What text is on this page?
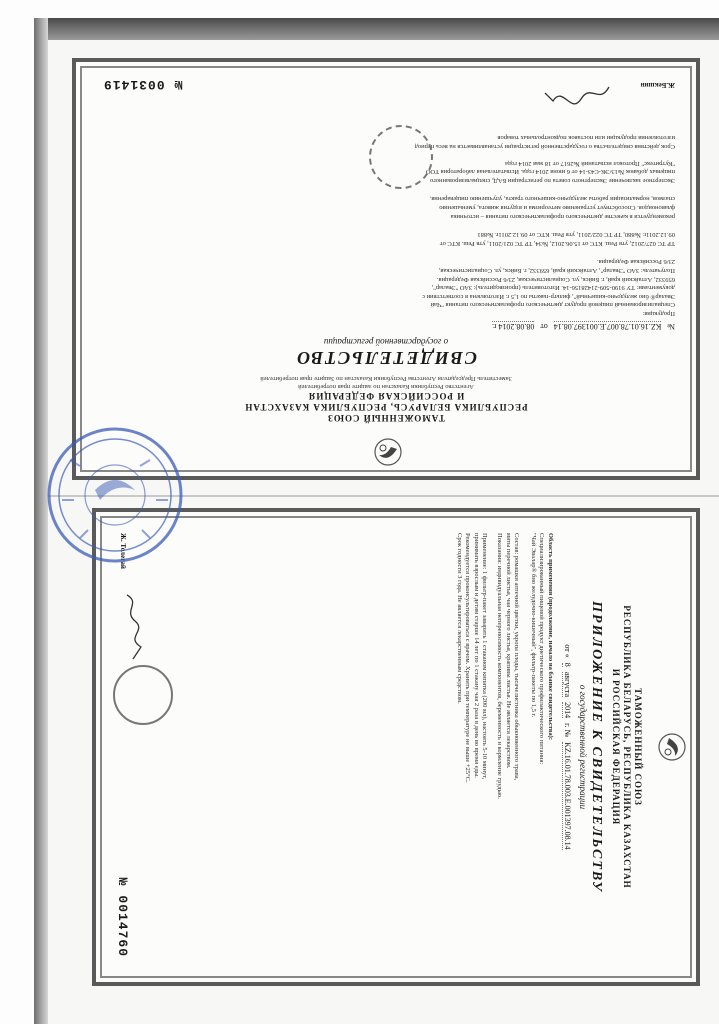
ТАМОЖЕННЫЙ СОЮЗ
РЕСПУБЛИКА БЕЛАРУСЬ, РЕСПУБЛИКА КАЗАХСТАН
И РОССИЙСКАЯ ФЕДЕРАЦИЯ
Агентство Республики Казахстан по защите прав потребителей
Заместитель Председателя Агентства Республики Казахстан по Защите прав потребителей
СВИДЕТЕЛЬСТВО
о государственной регистрации
№
KZ.16.01.78.007.E.001397.08.14
от
08.08.2014 г.
Продукция:
Специализированный пищевой продукт диетического профилактического питания "Чай
Эвалар® био желудочно-кишечный", фильтр-пакеты по 1,5 г. Изготовлена в соответствии с
документами: ТУ 9190-509-21428156-14. Изготовитель (производитель): ЗАО "Эвалар",
659332, Алтайский край, г. Бийск, ул. Социалистическая, 23/6 Российская Федерация.
Получатель: ЗАО "Эвалар", Алтайский край, 659332, г. Бийск, ул. Социалистическая,
23/6 Российская Федерация.
ТР ТС 027/2012, утв Реш. КТС от 15.06.2012, №34, ТР ТС 021/2011, утв Реш. КТС от
09.12.2011г. №880, ТР ТС 022/2011, утв Реш. КТС от 09.12.2011г. №881
рекомендуется в качестве диетического профилактического питания – источника
флавоноидов. Способствует устранению метеоризма и вздутия живота, уменьшению
спазмов, нормализации работы желудочно-кишечного тракта, улучшению пищеварения.
Экспертное заключение Экспертного совета по регистрации БАД, специализированного
пищевых добавок №13/ЭК-С43-14 от 6 июня 2014 года. Испытательная лаборатория ТОО
"Кутритекс" Протокол испытаний №2617 от 18 мая 2014 года
Срок действия свидетельства о государственной регистрации устанавливается на весь период
изготовления продукции или поставок подконтрольных товаров
Ж.Бекшин
№ 0031419
ТАМОЖЕННЫЙ СОЮЗ
РЕСПУБЛИКА БЕЛАРУСЬ, РЕСПУБЛИКА КАЗАХСТАН
И РОССИЙСКАЯ ФЕДЕРАЦИЯ
ПРИЛОЖЕНИЕ К СВИДЕТЕЛЬСТВУ
о государственной регистрации
от «
8
августа
2014
г. №
KZ.16.01.78.003.E.001397.08.14
Область применения (продолжение, начало на бланке свидетельства):
Специализированный пищевой продукт диетического профилактического питания:
"Чай Эвалар® био желудочно-кишечный", фильтр-пакеты по 1,5 г.
Состав: ромашки аптечной цветки, укропа плоды, тысячелистника обыкновенного трава,
мяты перечной листья, чая черного листья, крапивы листья. Не является лекарством.
Показания: индивидуальная непереносимость компонентов, беременность и кормление грудью.
Применение: 1 фильтр-пакет заварить 1 стаканом кипятка (200 мл), настоять 5-10 минут,
принимать взрослым и детям старше 14 лет по 1 стакану чая 2 раза в день во время еды.
Рекомендуется проконсультироваться с врачом. Хранить при температуре не выше +25°С.
Срок годности 3 года. Не является лекарственным средством.
Ж. Толегай
№ 0014760
